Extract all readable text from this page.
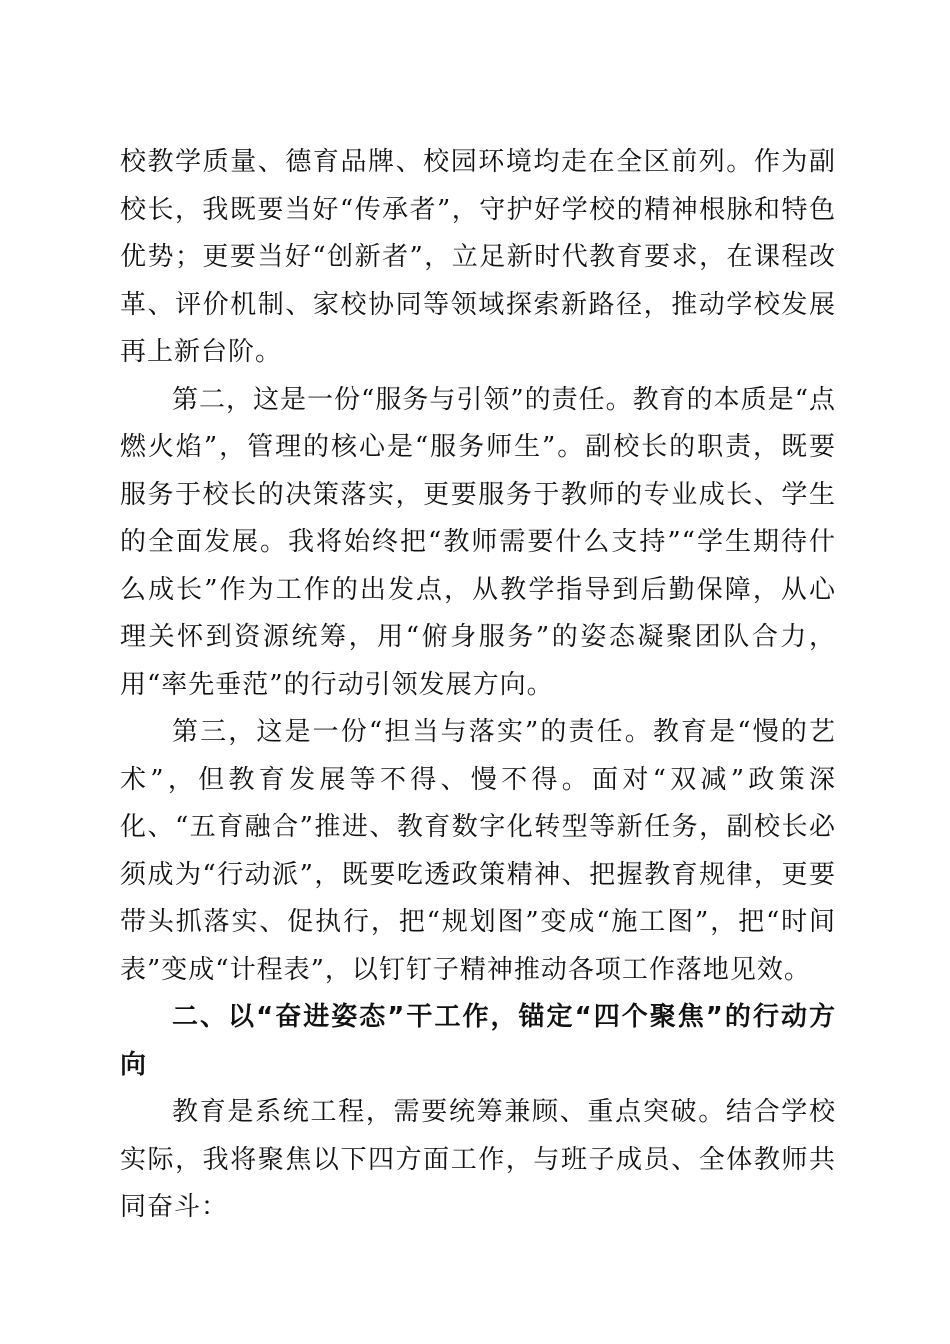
校教学质量、德育品牌、校园环境均走在全区前列。作为副校长，我既要当好“传承者”，守护好学校的精神根脉和特色优势；更要当好“创新者”，立足新时代教育要求，在课程改革、评价机制、家校协同等领域探索新路径，推动学校发展再上新台阶。

第二，这是一份“服务与引领”的责任。教育的本质是“点燃火焰”，管理的核心是“服务师生”。副校长的职责，既要服务于校长的决策落实，更要服务于教师的专业成长、学生的全面发展。我将始终把“教师需要什么支持”“学生期待什么成长”作为工作的出发点，从教学指导到后勤保障，从心理关怀到资源统筹，用“俯身服务”的姿态凝聚团队合力，用“率先垂范”的行动引领发展方向。

第三，这是一份“担当与落实”的责任。教育是“慢的艺术”，但教育发展等不得、慢不得。面对“双减”政策深化、“五育融合”推进、教育数字化转型等新任务，副校长必须成为“行动派”，既要吃透政策精神、把握教育规律，更要带头抓落实、促执行，把“规划图”变成“施工图”，把“时间表”变成“计程表”，以钉钉子精神推动各项工作落地见效。

二、以“奋进姿态”干工作，锚定“四个聚焦”的行动方向

教育是系统工程，需要统筹兼顾、重点突破。结合学校实际，我将聚焦以下四方面工作，与班子成员、全体教师共同奋斗：
